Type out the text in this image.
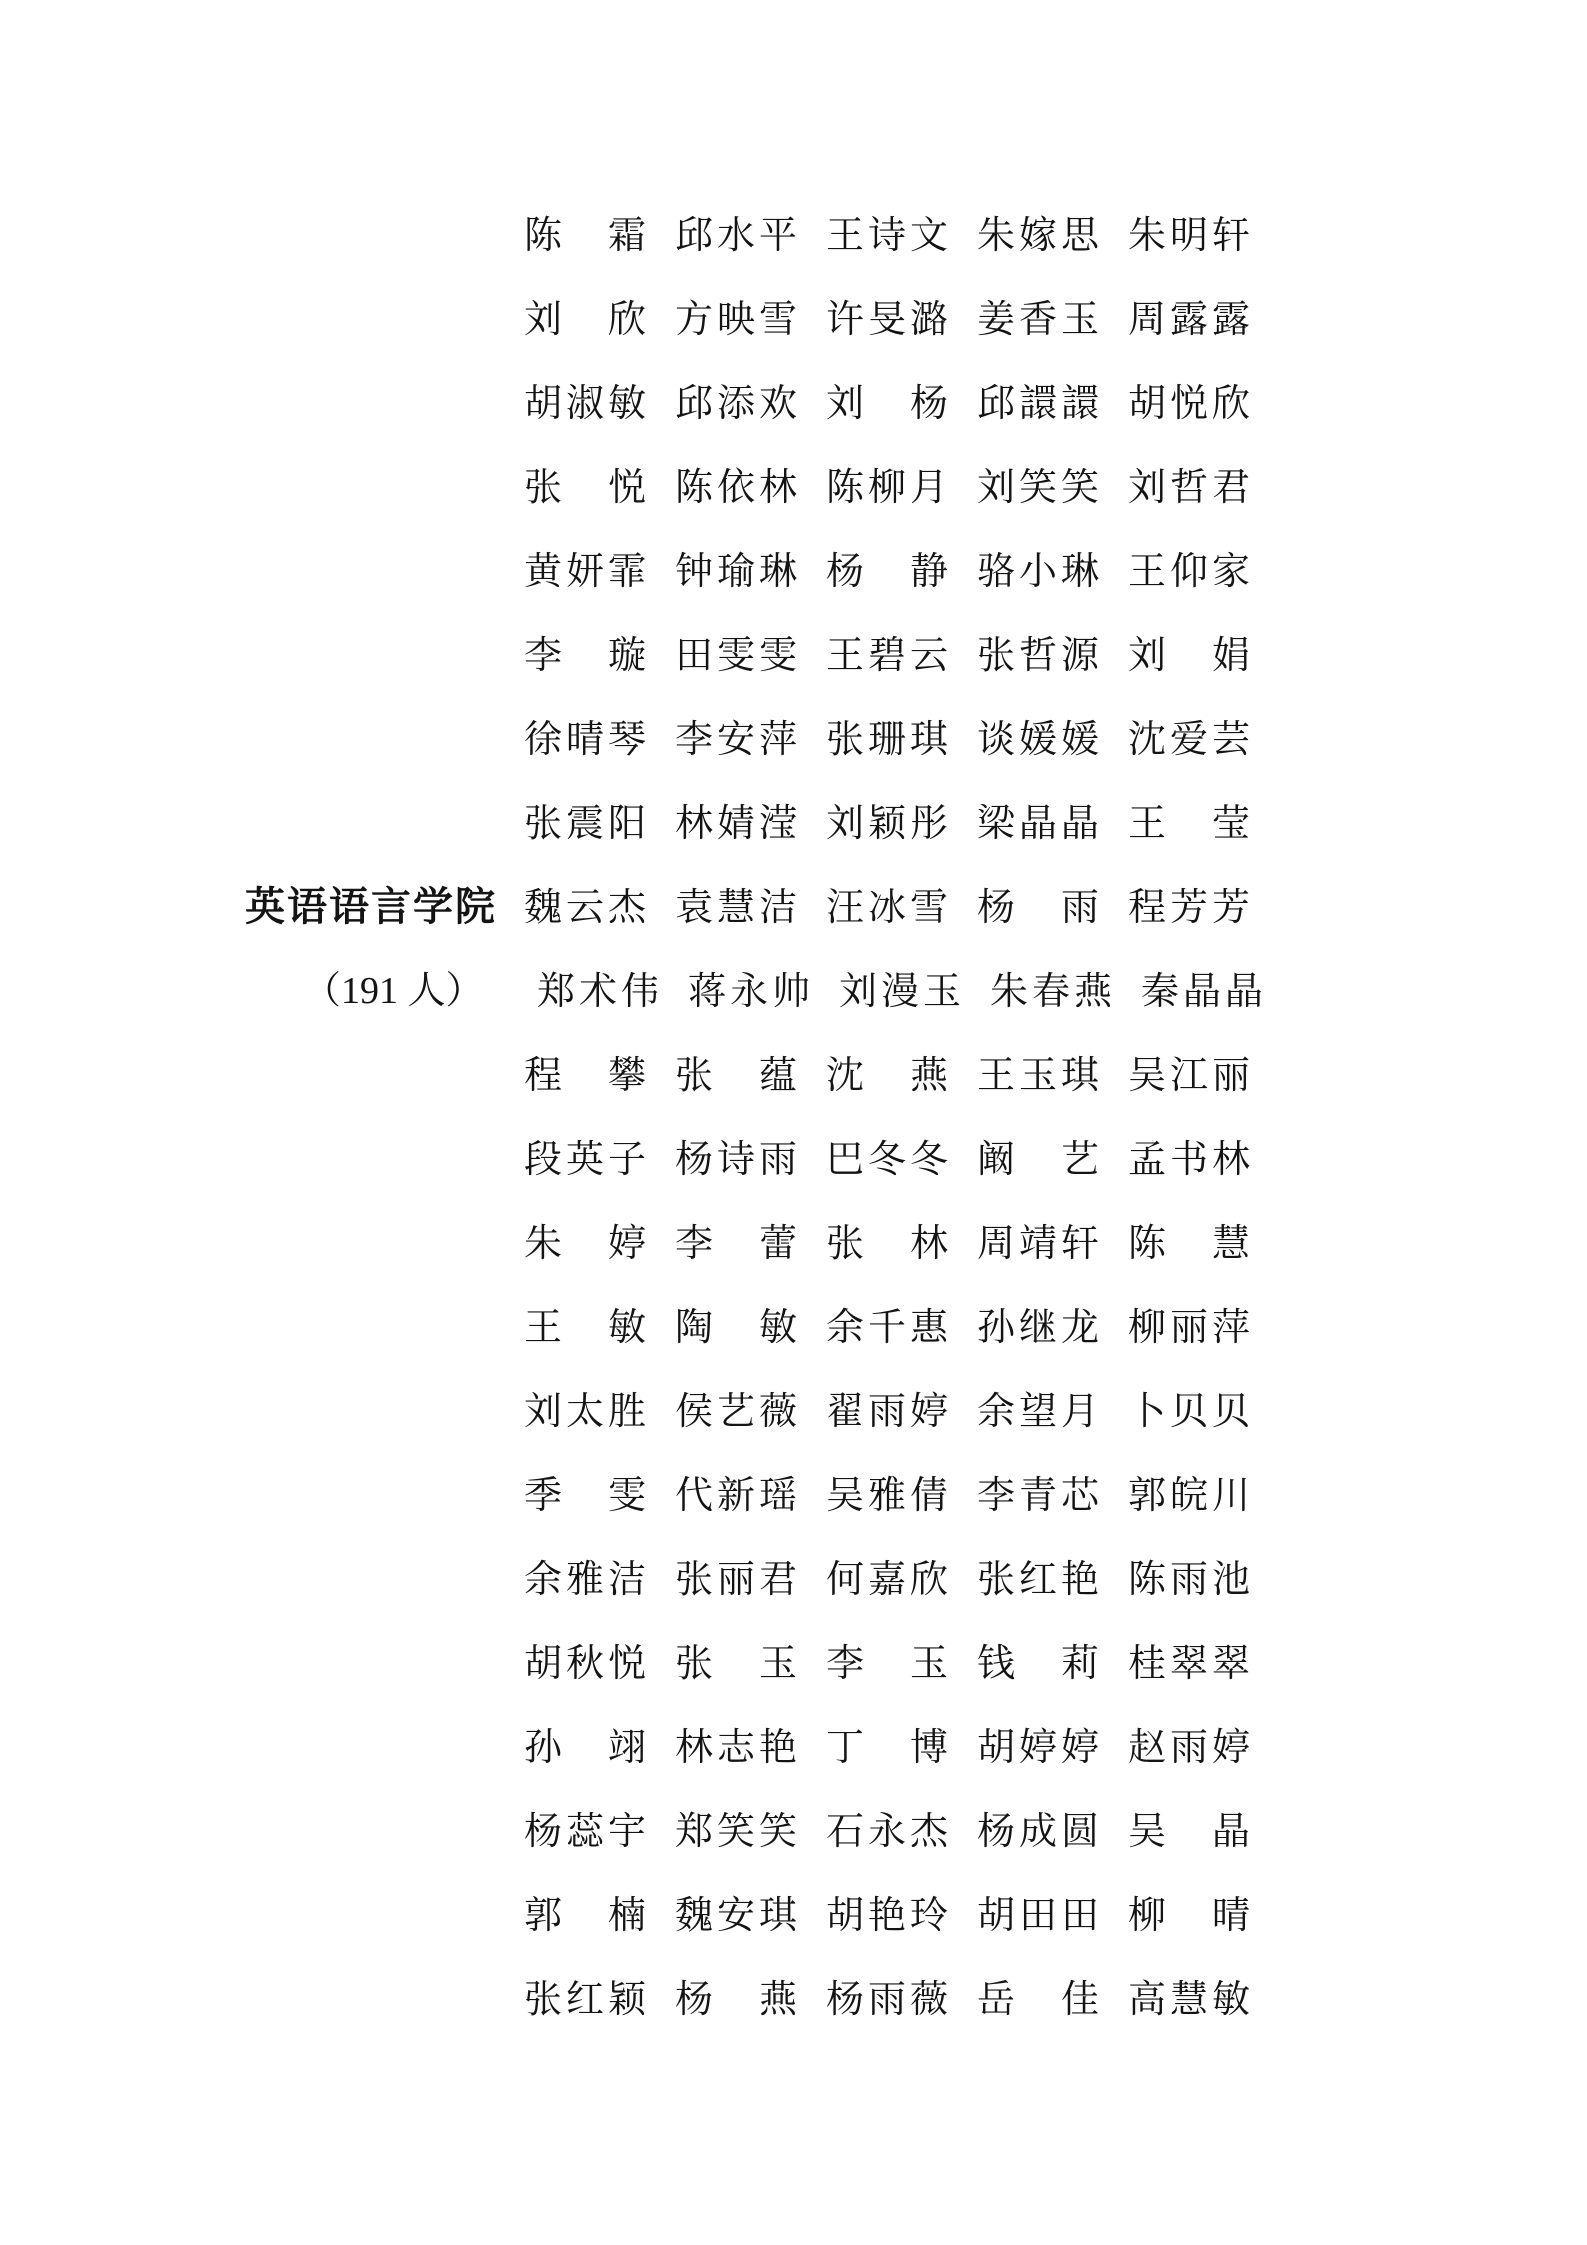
英语语言学院
（191 人）
陈　霜 邱水平 王诗文 朱嫁思 朱明轩
刘　欣 方映雪 许旻潞 姜香玉 周露露
胡淑敏 邱添欢 刘　杨 邱譞譞 胡悦欣
张　悦 陈依林 陈柳月 刘笑笑 刘哲君
黄妍霏 钟瑜琳 杨　静 骆小琳 王仰家
李　璇 田雯雯 王碧云 张哲源 刘　娟
徐晴琴 李安萍 张珊琪 谈媛媛 沈爱芸
张震阳 林婧滢 刘颖彤 梁晶晶 王　莹
魏云杰 袁慧洁 汪冰雪 杨　雨 程芳芳
郑术伟 蒋永帅 刘漫玉 朱春燕 秦晶晶
程　攀 张　蕴 沈　燕 王玉琪 吴江丽
段英子 杨诗雨 巴冬冬 阚　艺 孟书林
朱　婷 李　蕾 张　林 周靖轩 陈　慧
王　敏 陶　敏 余千惠 孙继龙 柳丽萍
刘太胜 侯艺薇 翟雨婷 余望月 卜贝贝
季　雯 代新瑶 吴雅倩 李青芯 郭皖川
余雅洁 张丽君 何嘉欣 张红艳 陈雨池
胡秋悦 张　玉 李　玉 钱　莉 桂翠翠
孙　翊 林志艳 丁　博 胡婷婷 赵雨婷
杨蕊宇 郑笑笑 石永杰 杨成圆 吴　晶
郭　楠 魏安琪 胡艳玲 胡田田 柳　晴
张红颖 杨　燕 杨雨薇 岳　佳 高慧敏
